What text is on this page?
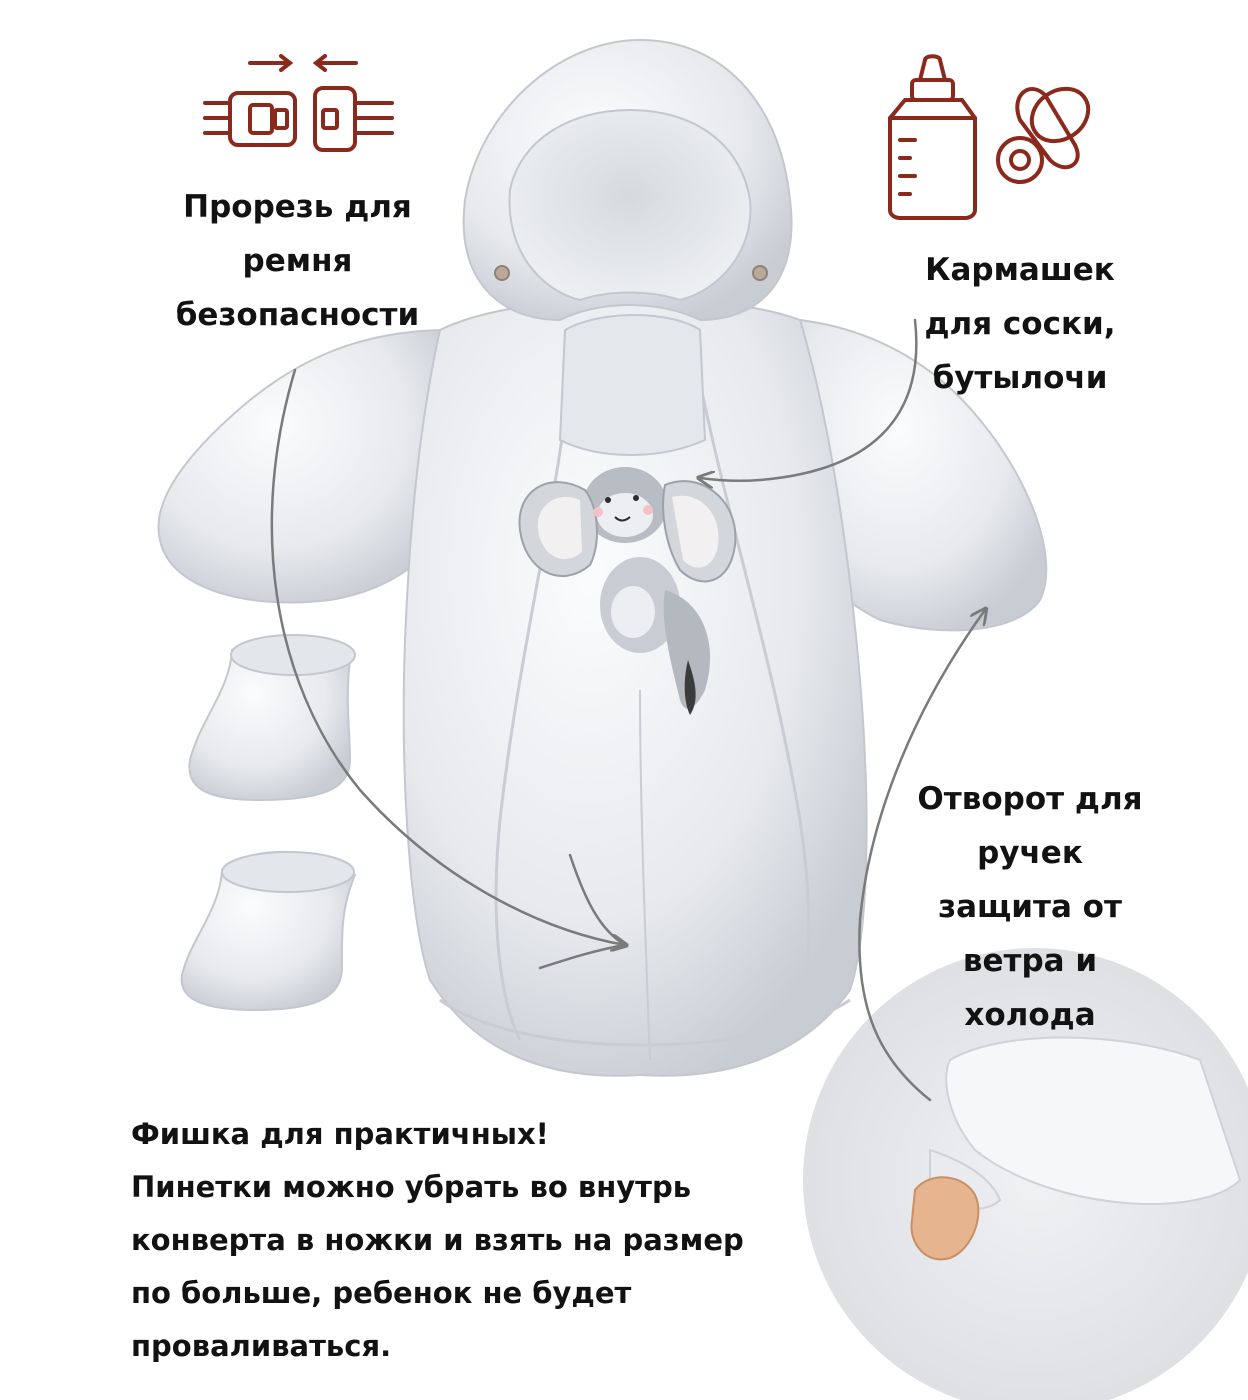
Прорезь для
ремня
безопасности
Кармашек
для соски,
бутылочи
Отворот для
ручек
защита от
ветра и
холода
Фишка для практичных!
Пинетки можно убрать во внутрь
конверта в ножки и взять на размер
по больше, ребенок не будет
проваливаться.
